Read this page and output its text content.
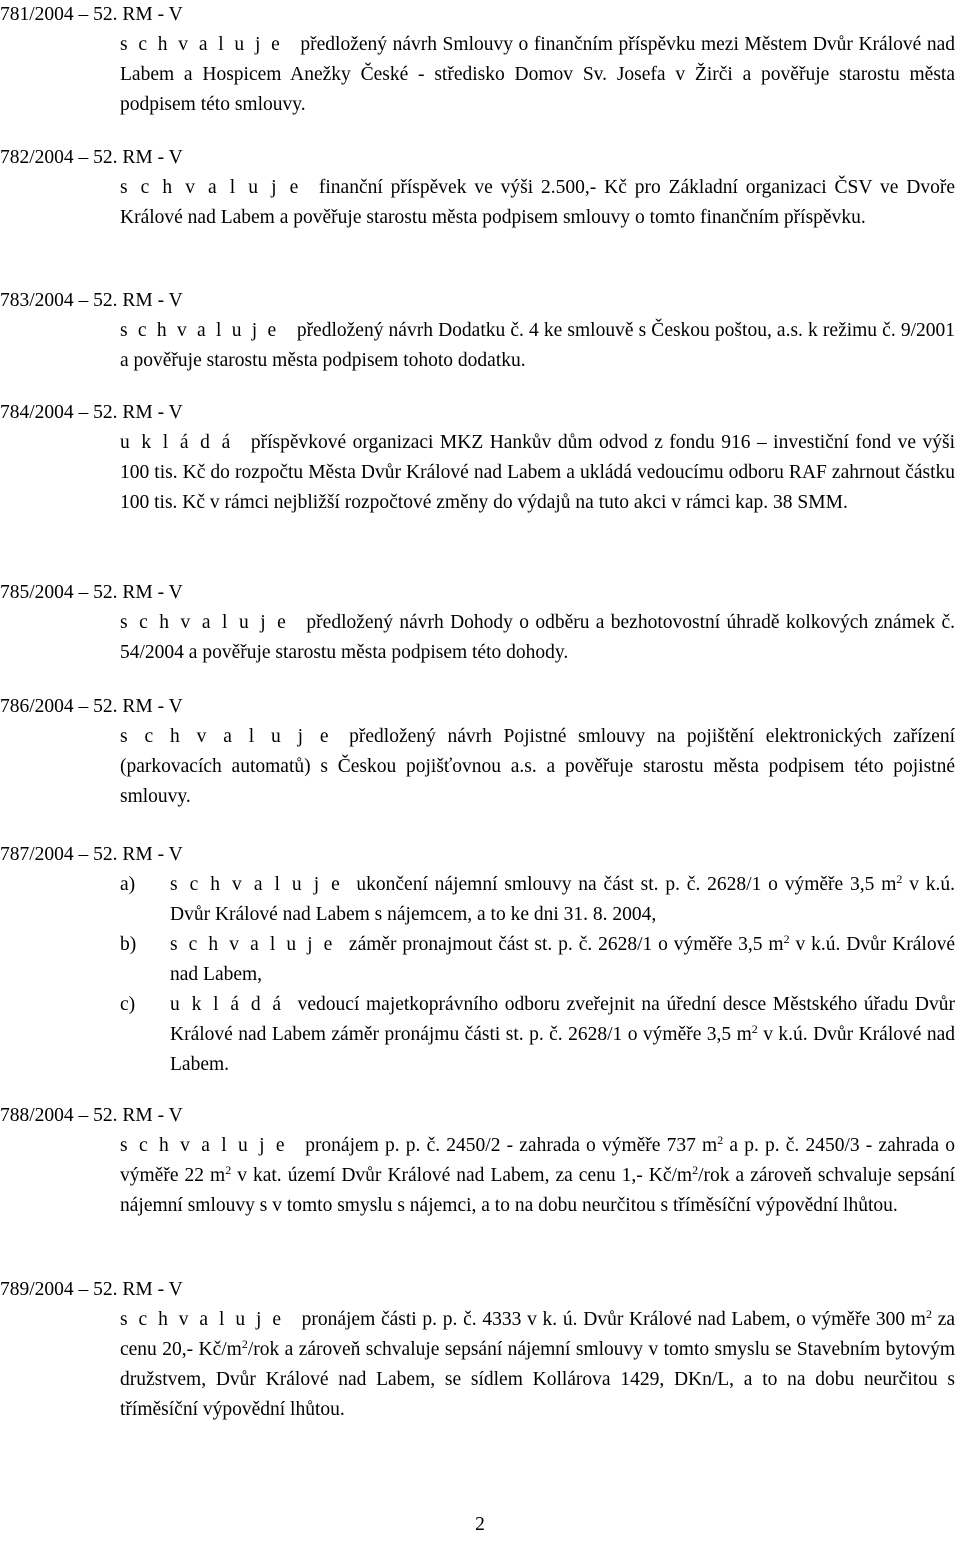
781/2004 – 52. RM - V

s c h v a l u j e předložený návrh Smlouvy o finančním příspěvku mezi Městem Dvůr Králové nad Labem a Hospicem Anežky České - středisko Domov Sv. Josefa v Žirči a pověřuje starostu města podpisem této smlouvy.

782/2004 – 52. RM - V

s c h v a l u j e finanční příspěvek ve výši 2.500,- Kč pro Základní organizaci ČSV ve Dvoře Králové nad Labem a pověřuje starostu města podpisem smlouvy o tomto finančním příspěvku.

783/2004 – 52. RM - V

s c h v a l u j e předložený návrh Dodatku č. 4 ke smlouvě s Českou poštou, a.s. k režimu č. 9/2001 a pověřuje starostu města podpisem tohoto dodatku.

784/2004 – 52. RM - V

u k l á d á příspěvkové organizaci MKZ Hankův dům odvod z fondu 916 – investiční fond ve výši 100 tis. Kč do rozpočtu Města Dvůr Králové nad Labem a ukládá vedoucímu odboru RAF zahrnout částku 100 tis. Kč v rámci nejbližší rozpočtové změny do výdajů na tuto akci v rámci kap. 38 SMM.

785/2004 – 52. RM - V

s c h v a l u j e předložený návrh Dohody o odběru a bezhotovostní úhradě kolkových známek č. 54/2004 a pověřuje starostu města podpisem této dohody.

786/2004 – 52. RM - V

s c h v a l u j e předložený návrh Pojistné smlouvy na pojištění elektronických zařízení (parkovacích automatů) s Českou pojišťovnou a.s. a pověřuje starostu města podpisem této pojistné smlouvy.

787/2004 – 52. RM - V

a) s c h v a l u j e ukončení nájemní smlouvy na část st. p. č. 2628/1 o výměře 3,5 $m^2$ v k.ú. Dvůr Králové nad Labem s nájemcem, a to ke dni 31. 8. 2004,

b) s c h v a l u j e záměr pronajmout část st. p. č. 2628/1 o výměře 3,5 $m^2$ v k.ú. Dvůr Králové nad Labem,

c) u k l á d á vedoucí majetkoprávního odboru zveřejnit na úřední desce Městského úřadu Dvůr Králové nad Labem záměr pronájmu části st. p. č. 2628/1 o výměře 3,5 $m^2$ v k.ú. Dvůr Králové nad Labem.

788/2004 – 52. RM - V

s c h v a l u j e pronájem p. p. č. 2450/2 - zahrada o výměře 737 $m^2$ a p. p. č. 2450/3 - zahrada o výměře 22 $m^2$ v kat. území Dvůr Králové nad Labem, za cenu 1,- $Kč/m^2$/rok a zároveň schvaluje sepsání nájemní smlouvy s v tomto smyslu s nájemci, a to na dobu neurčitou s tříměsíční výpovědní lhůtou.

789/2004 – 52. RM - V

s c h v a l u j e pronájem části p. p. č. 4333 v k. ú. Dvůr Králové nad Labem, o výměře 300 $m^2$ za cenu 20,- $Kč/m^2$/rok a zároveň schvaluje sepsání nájemní smlouvy v tomto smyslu se Stavebním bytovým družstvem, Dvůr Králové nad Labem, se sídlem Kollárova 1429, DKn/L, a to na dobu neurčitou s tříměsíční výpovědní lhůtou.

2
